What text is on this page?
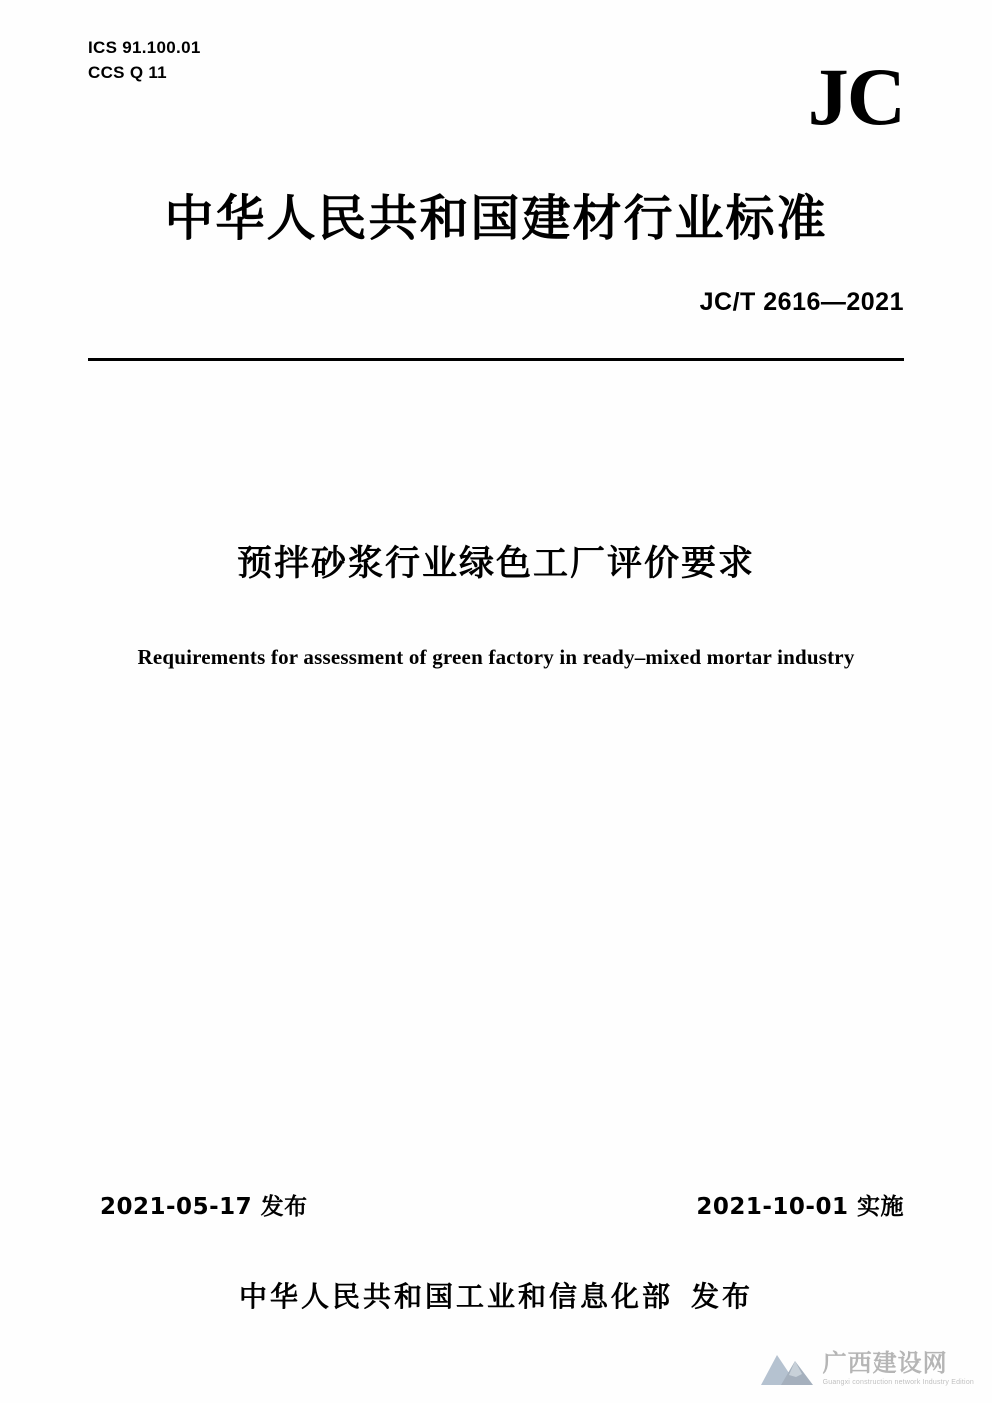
ICS 91.100.01
CCS Q 11	JC
中华人民共和国建材行业标准
JC/T 2616—2021
预拌砂浆行业绿色工厂评价要求
Requirements for assessment of green factory in ready–mixed mortar industry
2021-05-17 发布	2021-10-01 实施
中华人民共和国工业和信息化部 发布
广西建设网
Guangxi construction network Industry Edition
